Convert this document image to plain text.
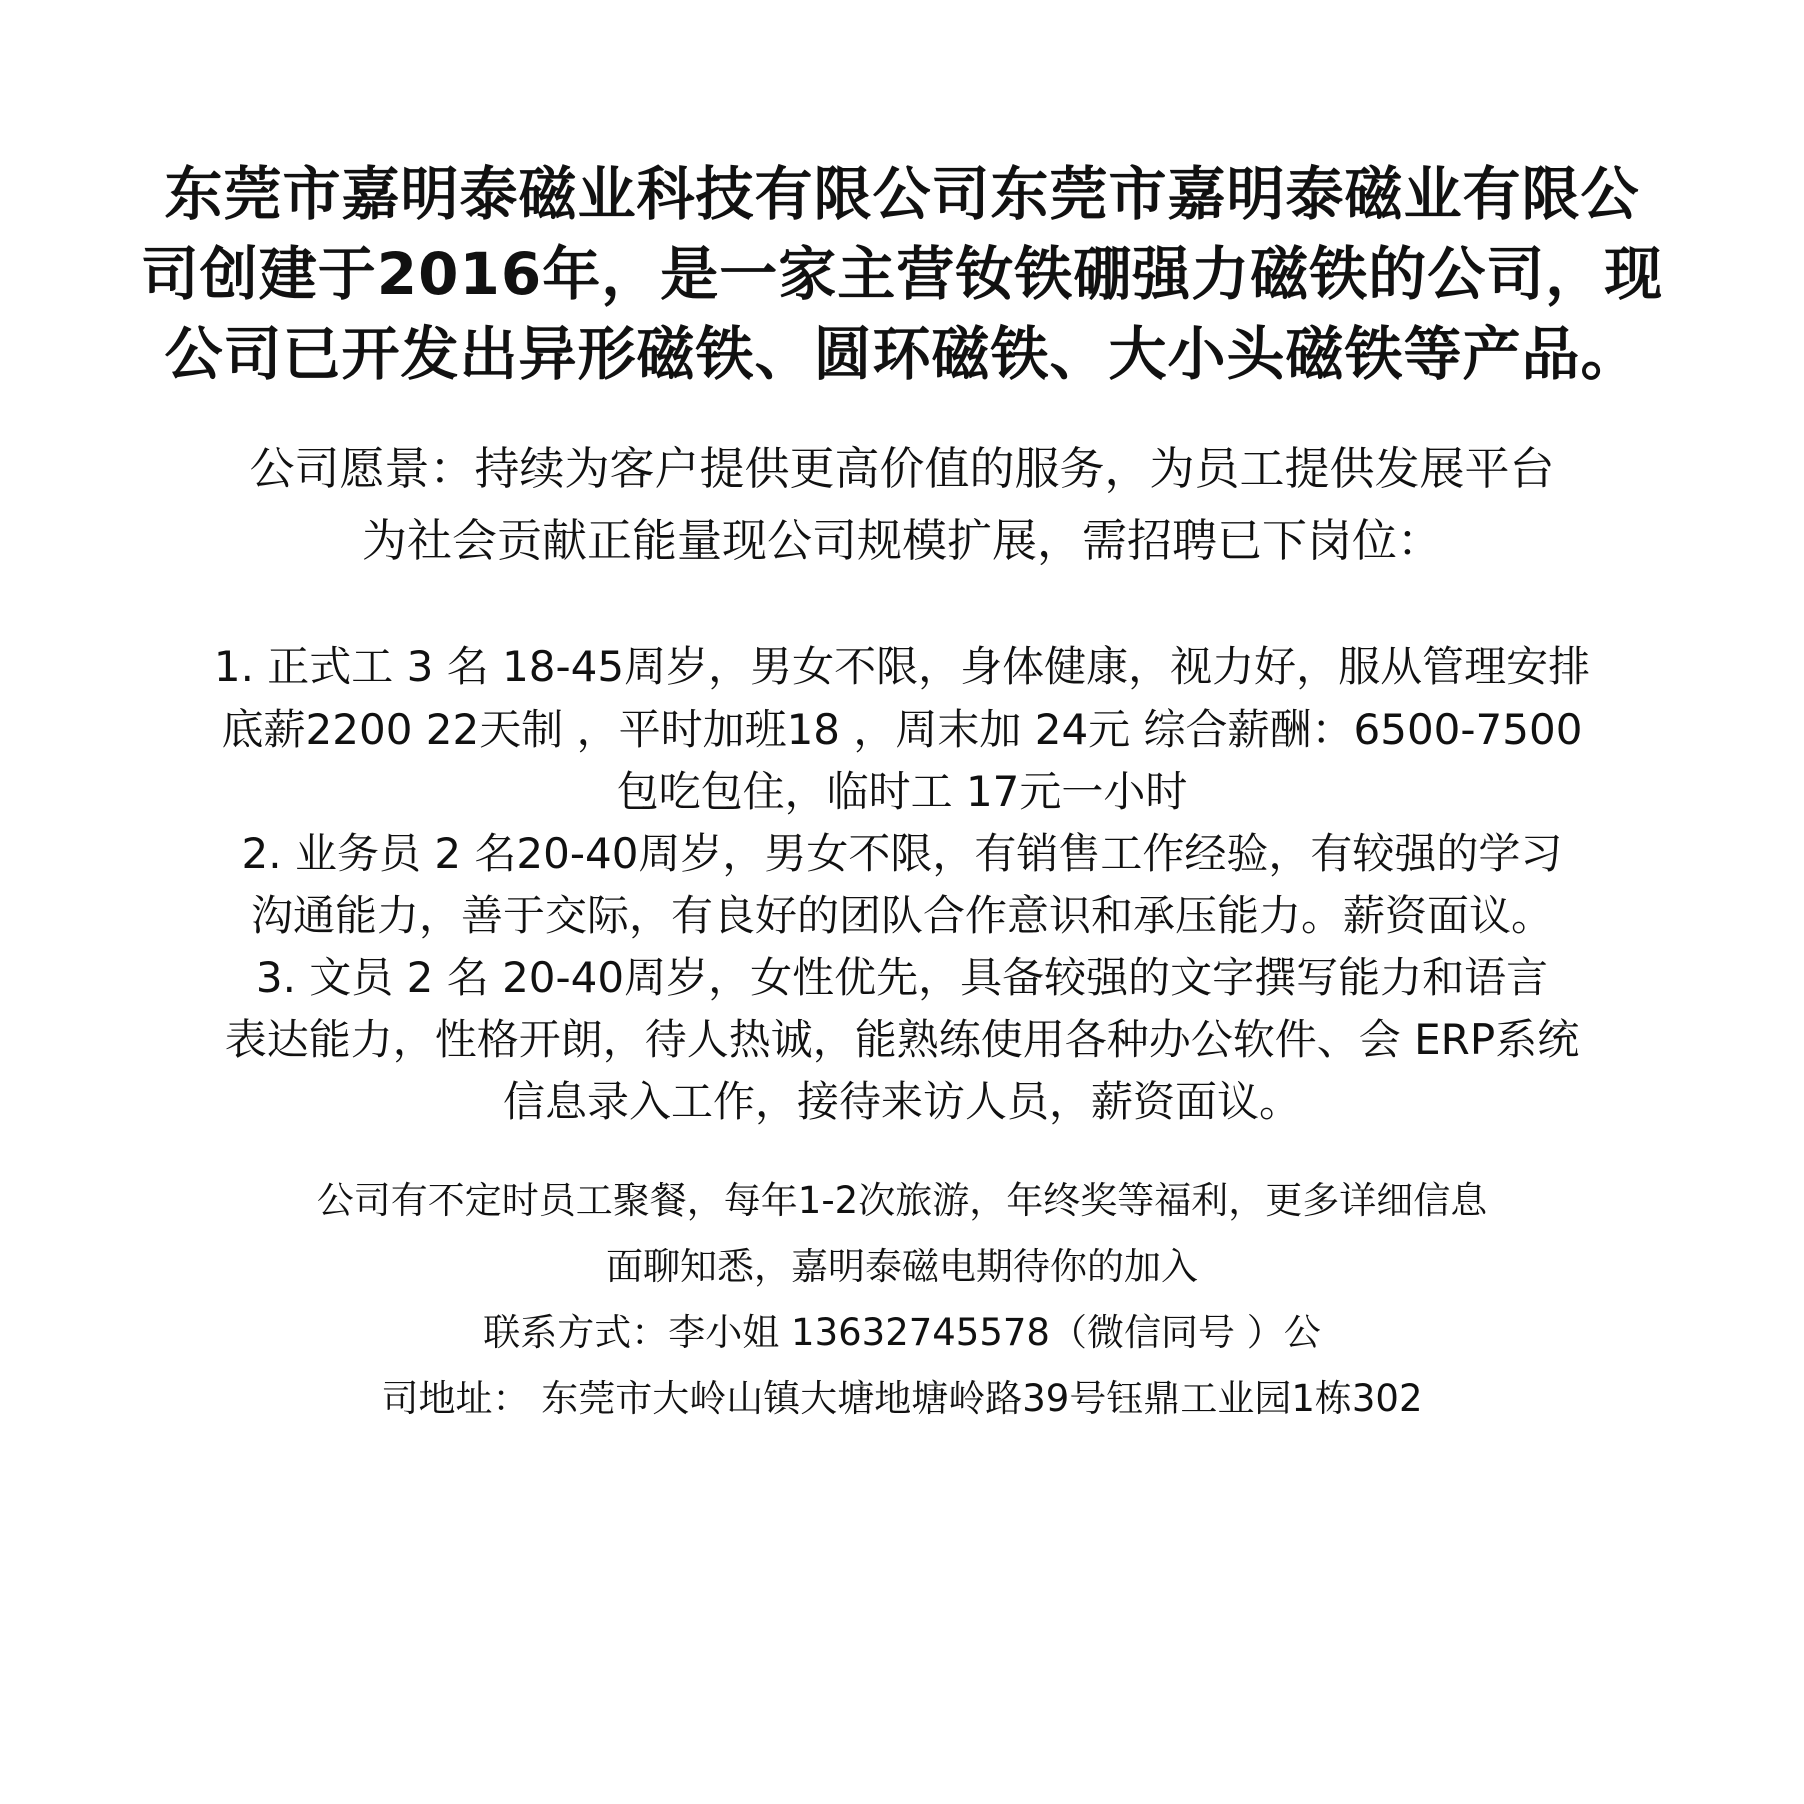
东莞市嘉明泰磁业科技有限公司东莞市嘉明泰磁业有限公
司创建于2016年，是一家主营钕铁硼强力磁铁的公司，现
公司已开发出异形磁铁、圆环磁铁、大小头磁铁等产品。
公司愿景：持续为客户提供更高价值的服务，为员工提供发展平台
为社会贡献正能量现公司规模扩展，需招聘已下岗位：
1. 正式工 3 名 18-45周岁，男女不限，身体健康，视力好，服从管理安排
底薪2200 22天制 ，平时加班18 ，周末加 24元 综合薪酬：6500-7500
包吃包住，临时工 17元一小时
2. 业务员 2 名20-40周岁，男女不限，有销售工作经验，有较强的学习
沟通能力，善于交际，有良好的团队合作意识和承压能力。薪资面议。
3. 文员 2 名 20-40周岁，女性优先，具备较强的文字撰写能力和语言
表达能力，性格开朗，待人热诚，能熟练使用各种办公软件、会 ERP系统
信息录入工作，接待来访人员，薪资面议。
公司有不定时员工聚餐，每年1-2次旅游，年终奖等福利，更多详细信息
面聊知悉，嘉明泰磁电期待你的加入
联系方式：李小姐 13632745578（微信同号 ）公
司地址： 东莞市大岭山镇大塘地塘岭路39号钰鼎工业园1栋302
